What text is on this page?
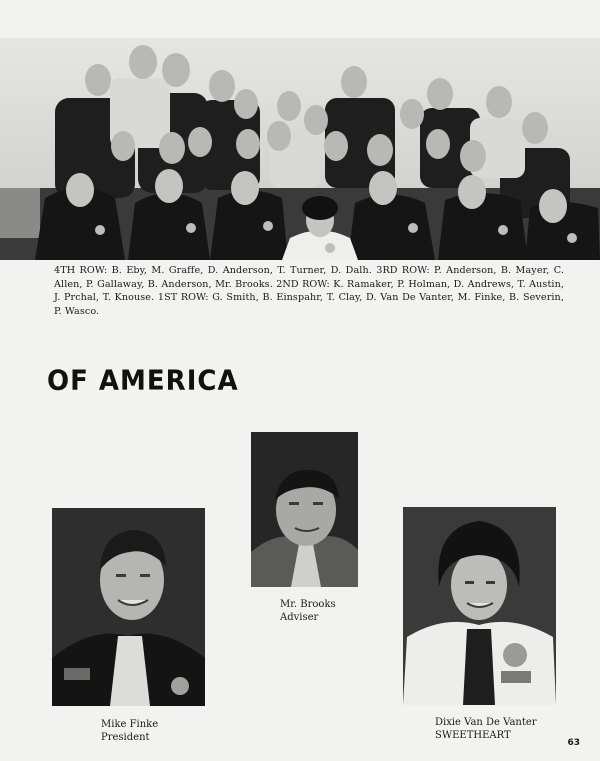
4TH ROW: B. Eby, M. Graffe, D. Anderson, T. Turner, D. Dalh. 3RD ROW: P. Anderson, B. Mayer, C. Allen, P. Gallaway, B. Anderson, Mr. Brooks. 2ND ROW: K. Ramaker, P. Holman, D. Andrews, T. Austin, J. Prchal, T. Knouse. 1ST ROW: G. Smith, B. Einspahr, T. Clay, D. Van De Vanter, M. Finke, B. Severin, P. Wasco.

OF AMERICA
Mr. Brooks
Adviser
Mike Finke
President
Dixie Van De Vanter
SWEETHEART
63
